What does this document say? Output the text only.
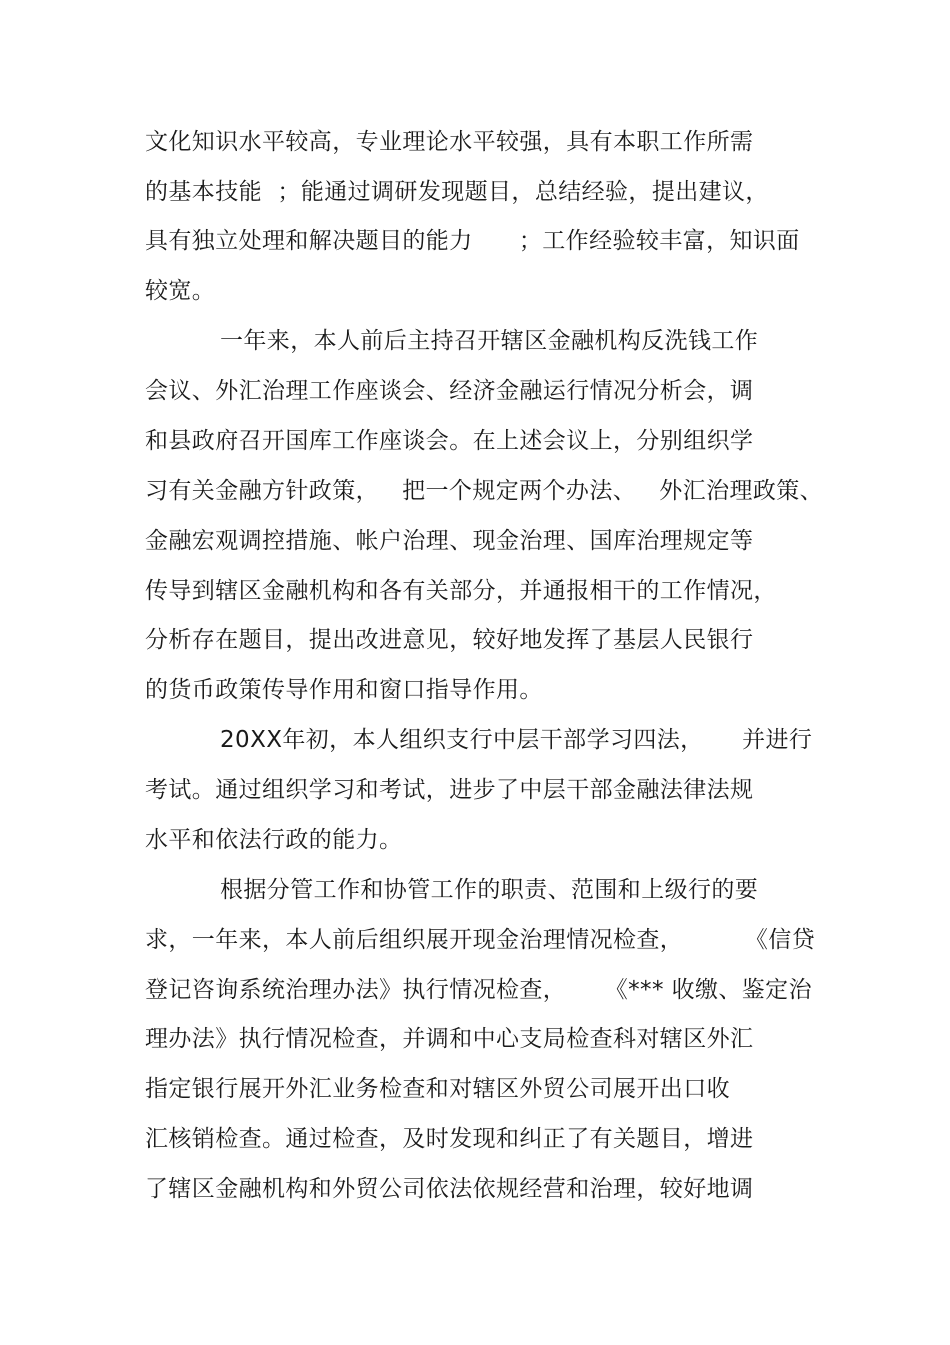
文化知识水平较高，专业理论水平较强，具有本职工作所需
的基本技能  ；能通过调研发现题目，总结经验，提出建议，
具有独立处理和解决题目的能力      ；工作经验较丰富，知识面
较宽。
一年来，本人前后主持召开辖区金融机构反洗钱工作
会议、外汇治理工作座谈会、经济金融运行情况分析会，调
和县政府召开国库工作座谈会。在上述会议上，分别组织学
习有关金融方针政策，   把一个规定两个办法、   外汇治理政策、
金融宏观调控措施、帐户治理、现金治理、国库治理规定等
传导到辖区金融机构和各有关部分，并通报相干的工作情况，
分析存在题目，提出改进意见，较好地发挥了基层人民银行
的货币政策传导作用和窗口指导作用。
20XX年初，本人组织支行中层干部学习四法，     并进行
考试。通过组织学习和考试，进步了中层干部金融法律法规
水平和依法行政的能力。
根据分管工作和协管工作的职责、范围和上级行的要
求，一年来，本人前后组织展开现金治理情况检查，        《信贷
登记咨询系统治理办法》执行情况检查，     《*** 收缴、鉴定治
理办法》执行情况检查，并调和中心支局检查科对辖区外汇
指定银行展开外汇业务检查和对辖区外贸公司展开出口收
汇核销检查。通过检查，及时发现和纠正了有关题目，增进
了辖区金融机构和外贸公司依法依规经营和治理，较好地调
